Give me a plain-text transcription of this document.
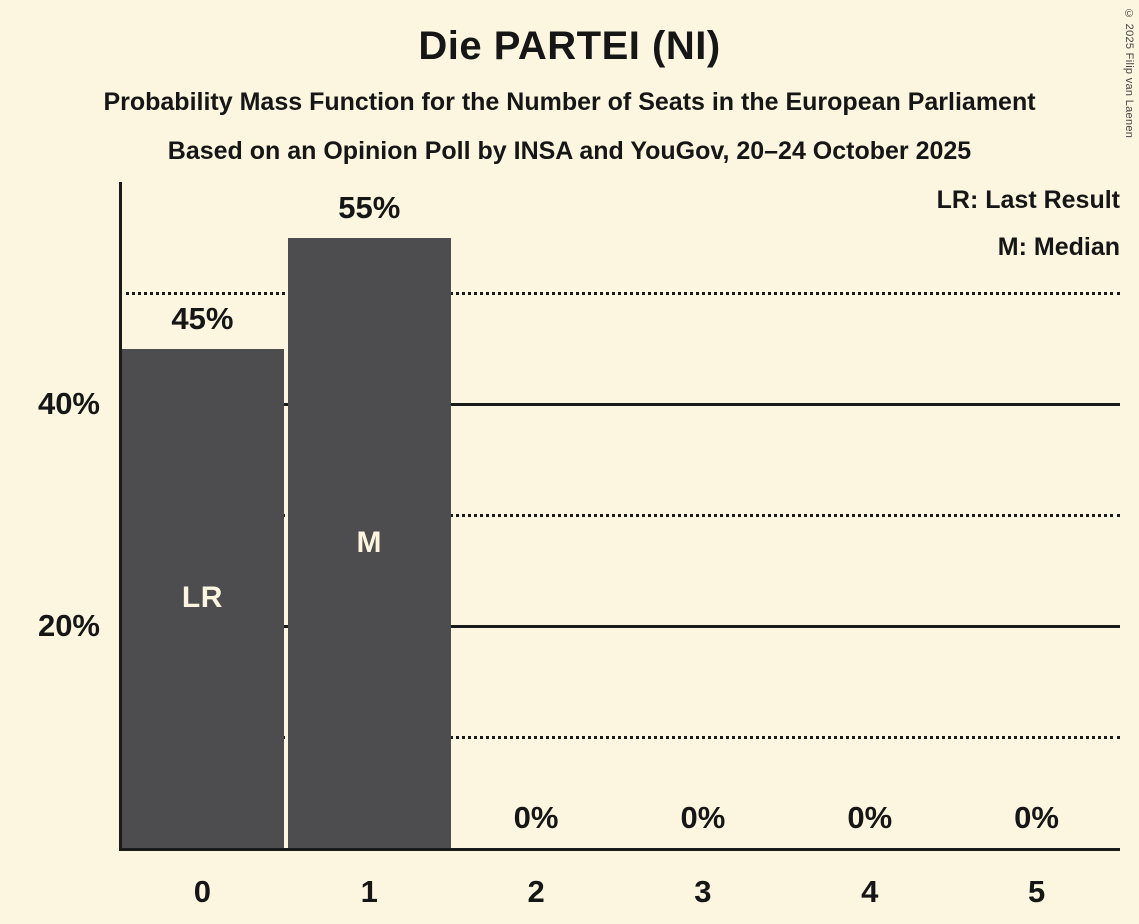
© 2025 Filip van Laenen
Die PARTEI (NI)
Probability Mass Function for the Number of Seats in the European Parliament
Based on an Opinion Poll by INSA and YouGov, 20–24 October 2025
LR: Last Result
M: Median
LR
45%
0
M
55%
1
0%
2
0%
3
0%
4
0%
5
20%
40%
